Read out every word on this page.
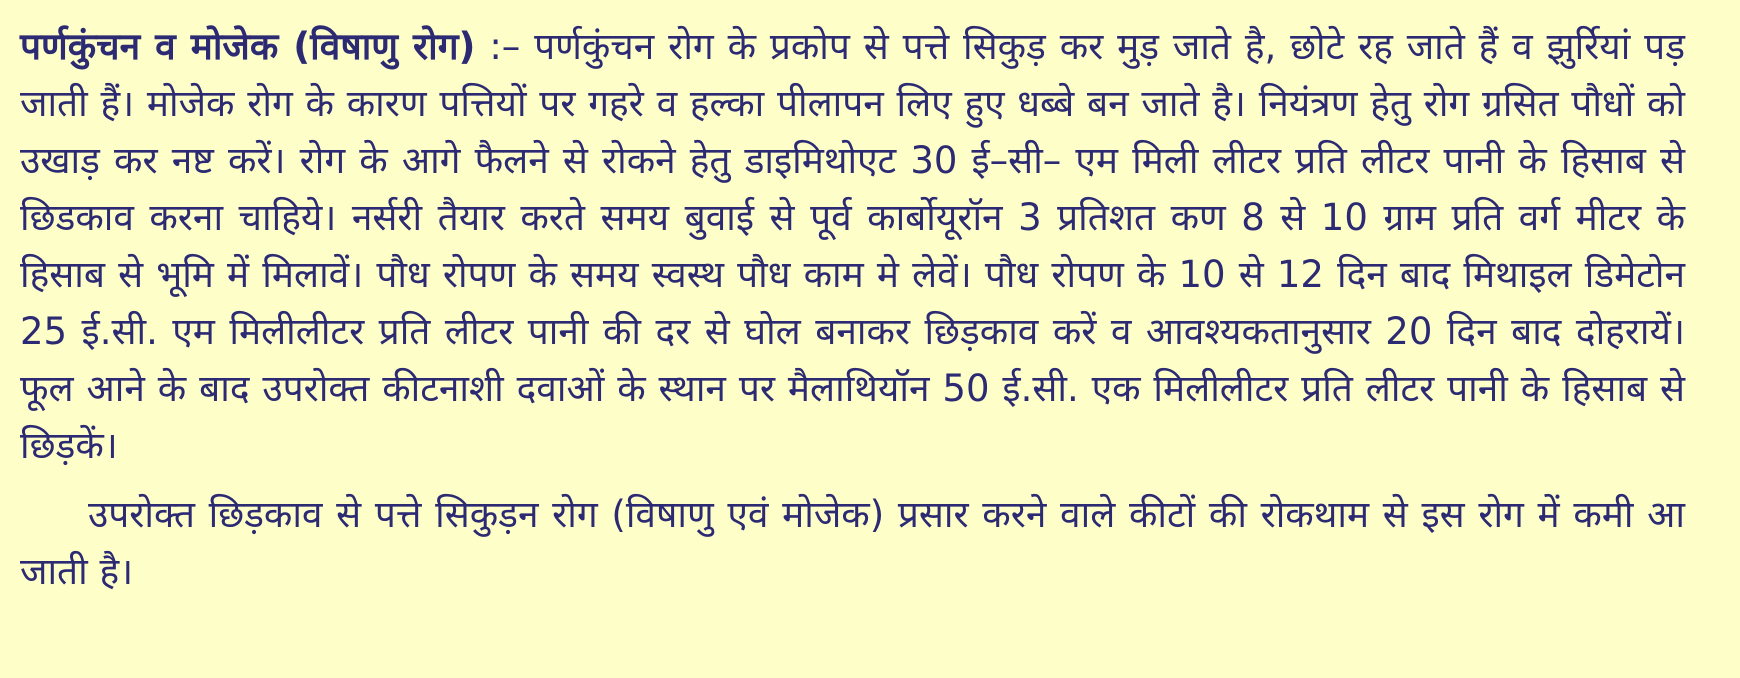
पर्णकुंचन व मोजेक (विषाणु रोग) :– पर्णकुंचन रोग के प्रकोप से पत्ते सिकुड़ कर मुड़ जाते है, छोटे रह जाते हैं व झुर्रियां पड़ जाती हैं। मोजेक रोग के कारण पत्तियों पर गहरे व हल्का पीलापन लिए हुए धब्बे बन जाते है। नियंत्रण हेतु रोग ग्रसित पौधों को उखाड़ कर नष्ट करें। रोग के आगे फैलने से रोकने हेतु डाइमिथोएट 30 ई–सी– एम मिली लीटर प्रति लीटर पानी के हिसाब से छिडकाव करना चाहिये। नर्सरी तैयार करते समय बुवाई से पूर्व कार्बोयूरॉन 3 प्रतिशत कण 8 से 10 ग्राम प्रति वर्ग मीटर के हिसाब से भूमि में मिलावें। पौध रोपण के समय स्वस्थ पौध काम मे लेवें। पौध रोपण के 10 से 12 दिन बाद मिथाइल डिमेटोन 25 ई.सी. एम मिलीलीटर प्रति लीटर पानी की दर से घोल बनाकर छिड़काव करें व आवश्यकतानुसार 20 दिन बाद दोहरायें। फूल आने के बाद उपरोक्त कीटनाशी दवाओं के स्थान पर मैलाथियॉन 50 ई.सी. एक मिलीलीटर प्रति लीटर पानी के हिसाब से छिड़कें।

उपरोक्त छिड़काव से पत्ते सिकुड़न रोग (विषाणु एवं मोजेक) प्रसार करने वाले कीटों की रोकथाम से इस रोग में कमी आ जाती है।
